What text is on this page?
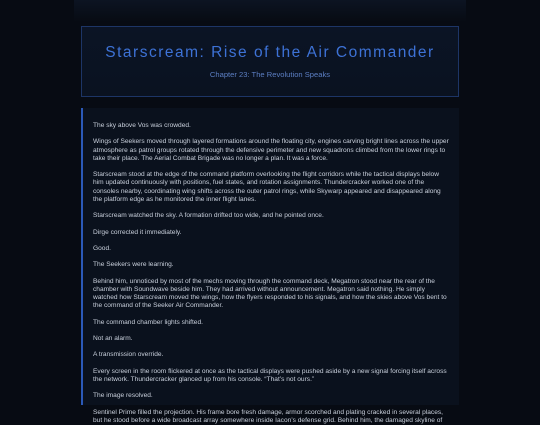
Starscream: Rise of the Air Commander
Chapter 23: The Revolution Speaks

The sky above Vos was crowded.

Wings of Seekers moved through layered formations around the floating city, engines carving bright lines across the upper atmosphere as patrol groups rotated through the defensive perimeter and new squadrons climbed from the lower rings to take their place. The Aerial Combat Brigade was no longer a plan. It was a force.

Starscream stood at the edge of the command platform overlooking the flight corridors while the tactical displays below him updated continuously with positions, fuel states, and rotation assignments. Thundercracker worked one of the consoles nearby, coordinating wing shifts across the outer patrol rings, while Skywarp appeared and disappeared along the platform edge as he monitored the inner flight lanes.

Starscream watched the sky. A formation drifted too wide, and he pointed once.

Dirge corrected it immediately.

Good.

The Seekers were learning.

Behind him, unnoticed by most of the mechs moving through the command deck, Megatron stood near the rear of the chamber with Soundwave beside him. They had arrived without announcement. Megatron said nothing. He simply watched how Starscream moved the wings, how the flyers responded to his signals, and how the skies above Vos bent to the command of the Seeker Air Commander.

The command chamber lights shifted.

Not an alarm.

A transmission override.

Every screen in the room flickered at once as the tactical displays were pushed aside by a new signal forcing itself across the network. Thundercracker glanced up from his console. “That’s not ours.”

The image resolved.

Sentinel Prime filled the projection. His frame bore fresh damage, armor scorched and plating cracked in several places, but he stood before a wide broadcast array somewhere inside Iacon’s defense grid. Behind him, the damaged skyline of
